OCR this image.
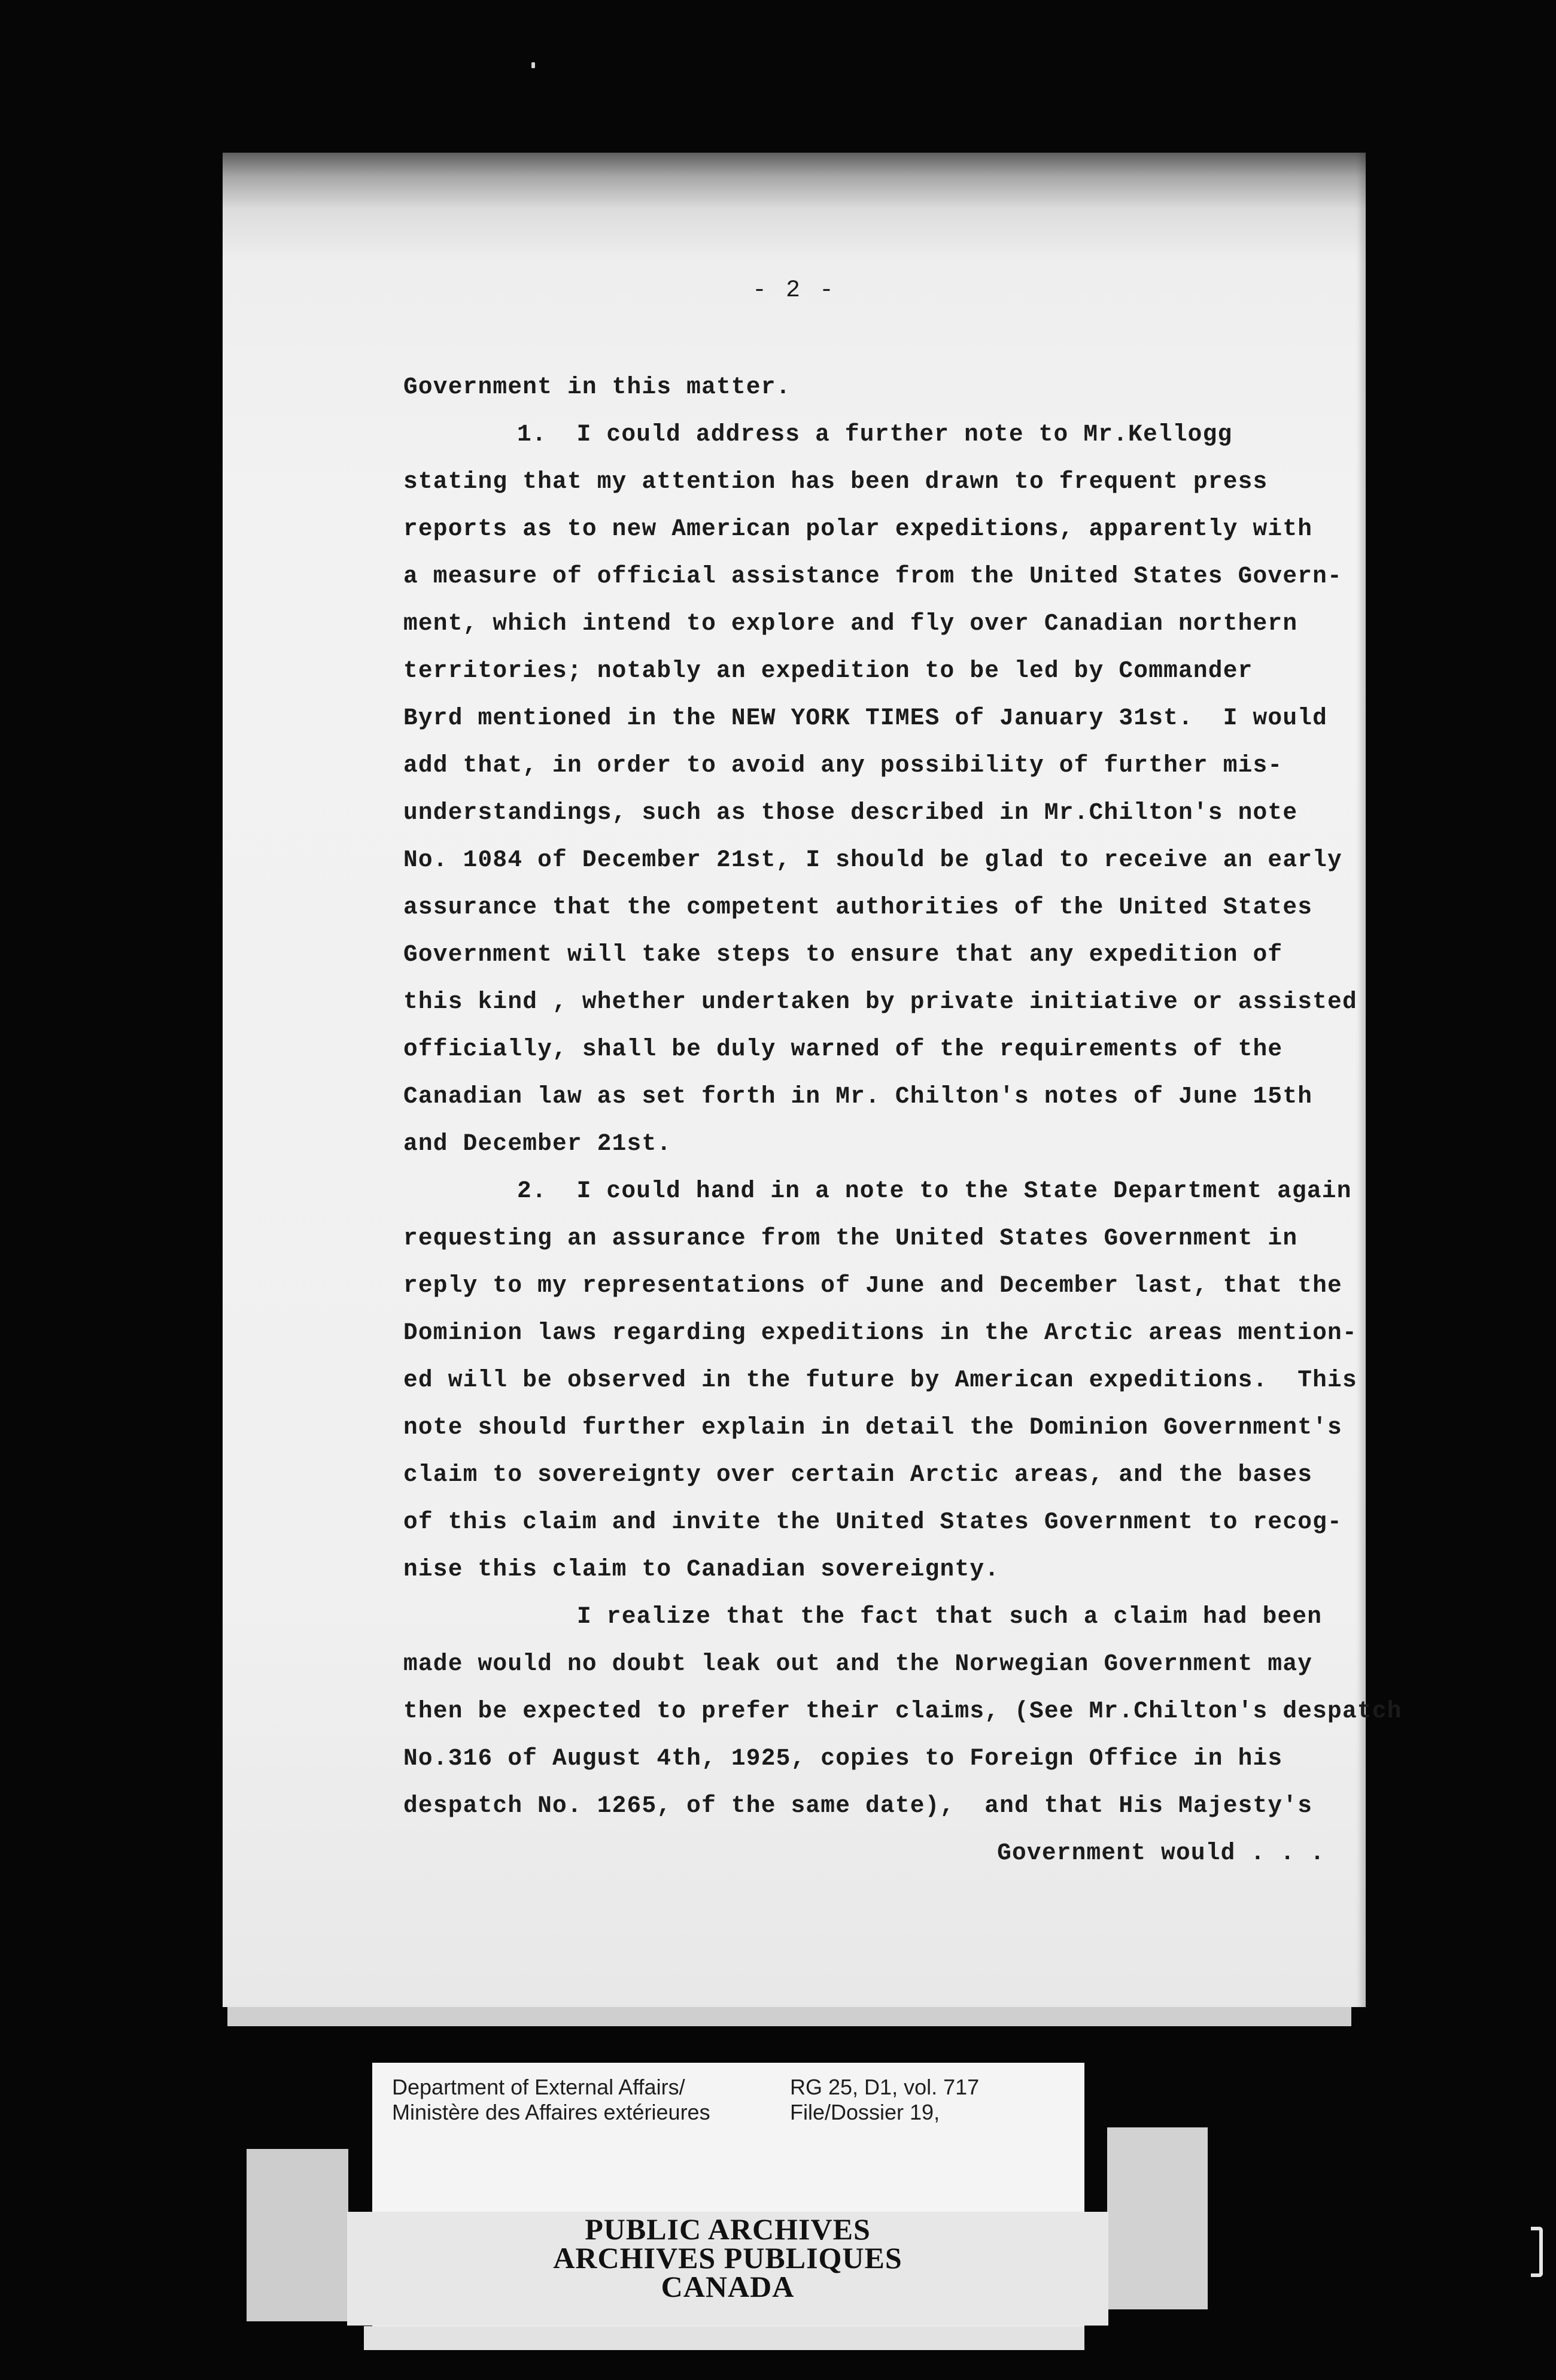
- 2 -
Government in this matter.
1.  I could address a further note to Mr.Kellogg
stating that my attention has been drawn to frequent press
reports as to new American polar expeditions, apparently with
a measure of official assistance from the United States Govern-
ment, which intend to explore and fly over Canadian northern
territories; notably an expedition to be led by Commander
Byrd mentioned in the NEW YORK TIMES of January 31st.  I would
add that, in order to avoid any possibility of further mis-
understandings, such as those described in Mr.Chilton's note
No. 1084 of December 21st, I should be glad to receive an early
assurance that the competent authorities of the United States
Government will take steps to ensure that any expedition of
this kind , whether undertaken by private initiative or assisted
officially, shall be duly warned of the requirements of the
Canadian law as set forth in Mr. Chilton's notes of June 15th
and December 21st.
2.  I could hand in a note to the State Department again
requesting an assurance from the United States Government in
reply to my representations of June and December last, that the
Dominion laws regarding expeditions in the Arctic areas mention-
ed will be observed in the future by American expeditions.  This
note should further explain in detail the Dominion Government's
claim to sovereignty over certain Arctic areas, and the bases
of this claim and invite the United States Government to recog-
nise this claim to Canadian sovereignty.
I realize that the fact that such a claim had been
made would no doubt leak out and the Norwegian Government may
then be expected to prefer their claims, (See Mr.Chilton's despatch
No.316 of August 4th, 1925, copies to Foreign Office in his
despatch No. 1265, of the same date),  and that His Majesty's
Government would . . .
Department of External Affairs/
Ministère des Affaires extérieures
RG 25, D1, vol. 717
File/Dossier 19,
PUBLIC ARCHIVES
ARCHIVES PUBLIQUES
CANADA
